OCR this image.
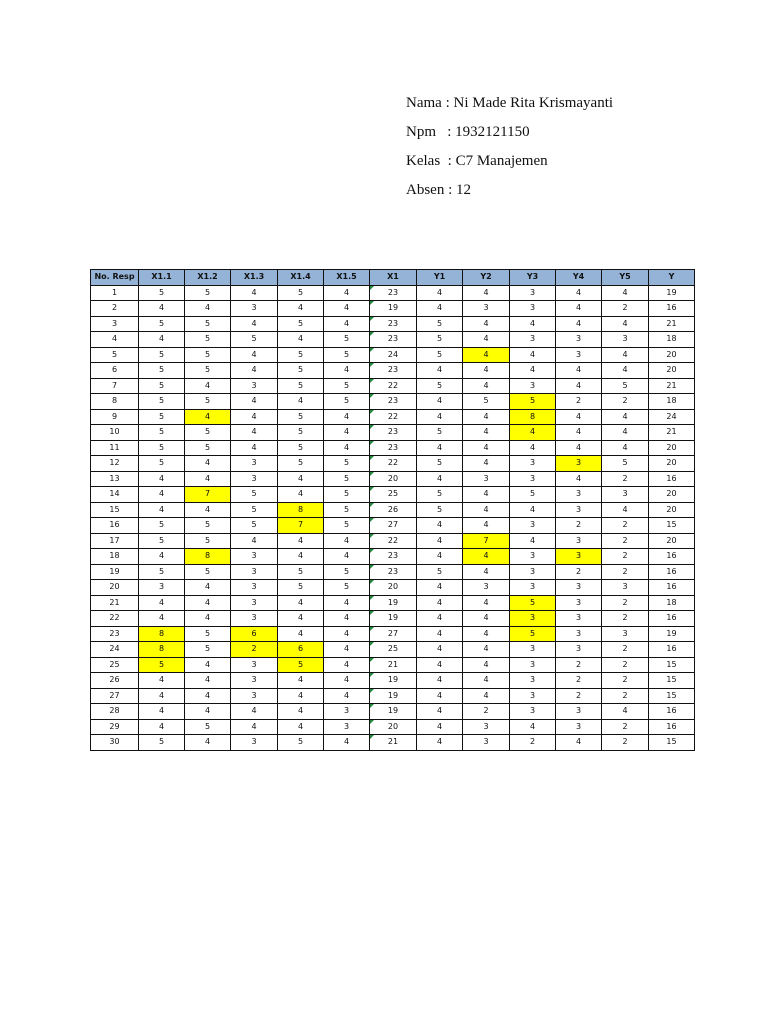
Nama : Ni Made Rita Krismayanti
Npm   : 1932121150
Kelas  : C7 Manajemen
Absen : 12
No. Resp	X1.1	X1.2	X1.3	X1.4	X1.5	X1	Y1	Y2	Y3	Y4	Y5	Y
1	5	5	4	5	4	23	4	4	3	4	4	19
2	4	4	3	4	4	19	4	3	3	4	2	16
3	5	5	4	5	4	23	5	4	4	4	4	21
4	4	5	5	4	5	23	5	4	3	3	3	18
5	5	5	4	5	5	24	5	4	4	3	4	20
6	5	5	4	5	4	23	4	4	4	4	4	20
7	5	4	3	5	5	22	5	4	3	4	5	21
8	5	5	4	4	5	23	4	5	5	2	2	18
9	5	4	4	5	4	22	4	4	8	4	4	24
10	5	5	4	5	4	23	5	4	4	4	4	21
11	5	5	4	5	4	23	4	4	4	4	4	20
12	5	4	3	5	5	22	5	4	3	3	5	20
13	4	4	3	4	5	20	4	3	3	4	2	16
14	4	7	5	4	5	25	5	4	5	3	3	20
15	4	4	5	8	5	26	5	4	4	3	4	20
16	5	5	5	7	5	27	4	4	3	2	2	15
17	5	5	4	4	4	22	4	7	4	3	2	20
18	4	8	3	4	4	23	4	4	3	3	2	16
19	5	5	3	5	5	23	5	4	3	2	2	16
20	3	4	3	5	5	20	4	3	3	3	3	16
21	4	4	3	4	4	19	4	4	5	3	2	18
22	4	4	3	4	4	19	4	4	3	3	2	16
23	8	5	6	4	4	27	4	4	5	3	3	19
24	8	5	2	6	4	25	4	4	3	3	2	16
25	5	4	3	5	4	21	4	4	3	2	2	15
26	4	4	3	4	4	19	4	4	3	2	2	15
27	4	4	3	4	4	19	4	4	3	2	2	15
28	4	4	4	4	3	19	4	2	3	3	4	16
29	4	5	4	4	3	20	4	3	4	3	2	16
30	5	4	3	5	4	21	4	3	2	4	2	15
